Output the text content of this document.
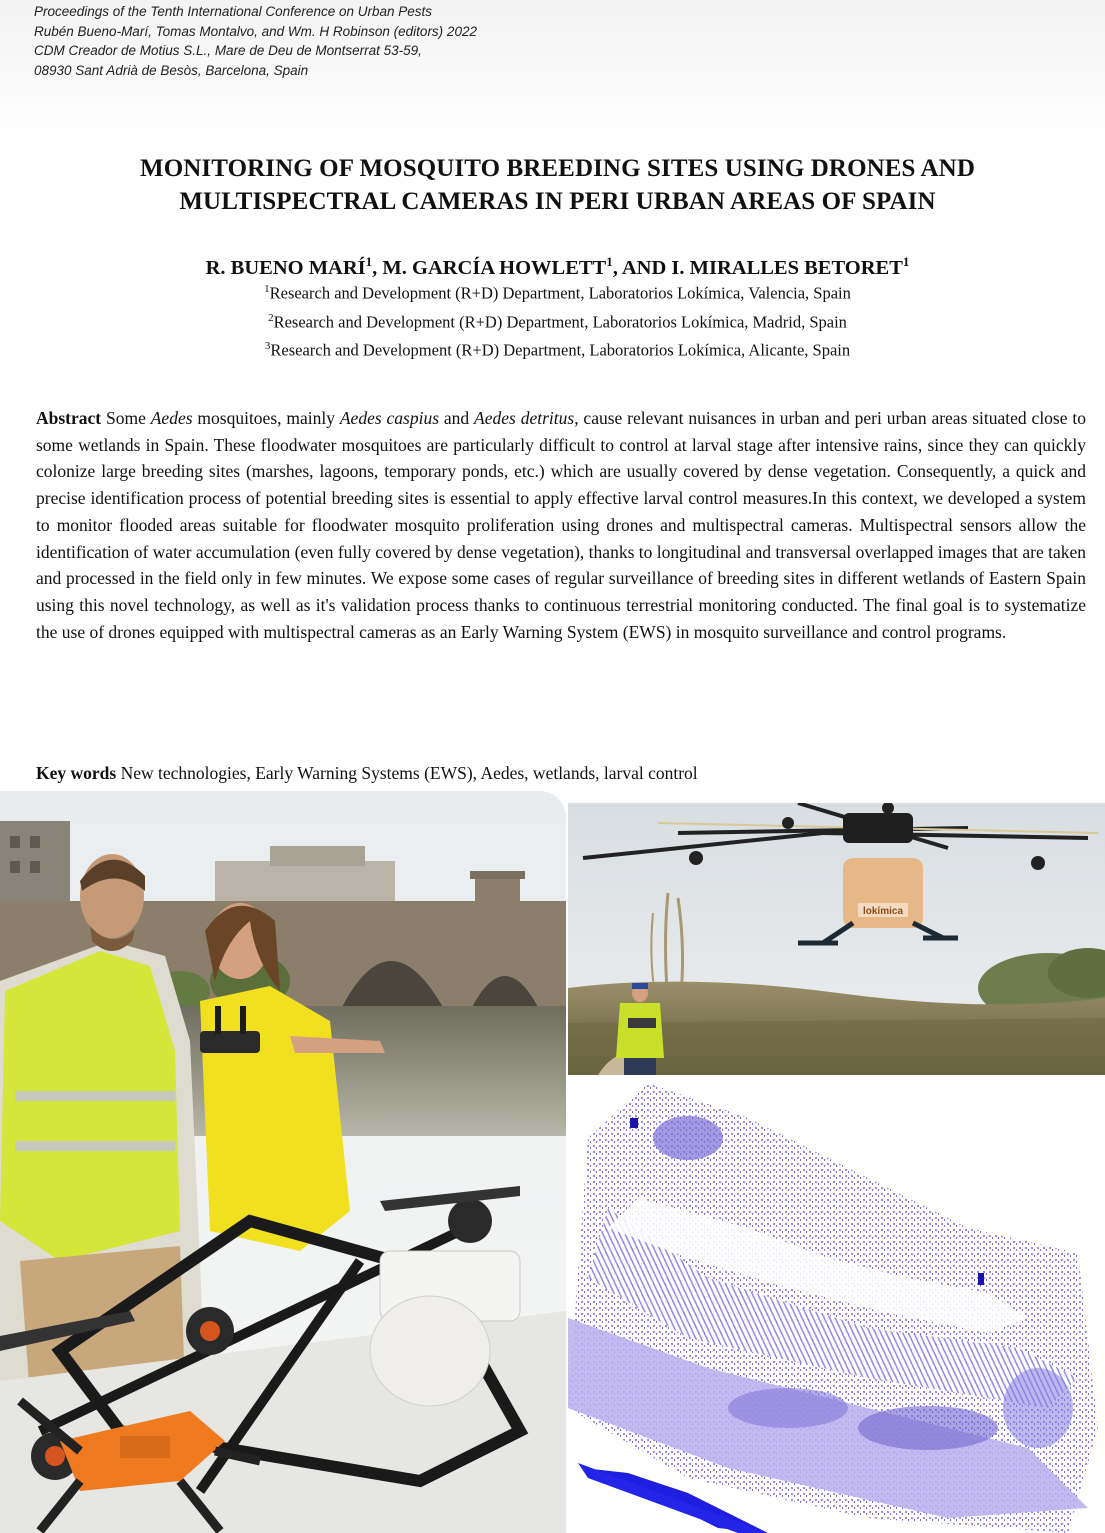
Proceedings of the Tenth International Conference on Urban Pests
Rubén Bueno-Marí, Tomas Montalvo, and Wm. H Robinson (editors) 2022
CDM Creador de Motius S.L., Mare de Deu de Montserrat 53-59,
08930 Sant Adrià de Besòs, Barcelona, Spain
MONITORING OF MOSQUITO BREEDING SITES USING DRONES AND
MULTISPECTRAL CAMERAS IN PERI URBAN AREAS OF SPAIN
R. BUENO MARÍ$^1$, M. GARCÍA HOWLETT$^1$, AND I. MIRALLES BETORET$^1$
$^1$Research and Development (R+D) Department, Laboratorios Lokímica, Valencia, Spain
$^2$Research and Development (R+D) Department, Laboratorios Lokímica, Madrid, Spain
$^3$Research and Development (R+D) Department, Laboratorios Lokímica, Alicante, Spain
Abstract Some Aedes mosquitoes, mainly Aedes caspius and Aedes detritus, cause relevant nuisances in urban and peri urban areas situated close to some wetlands in Spain. These floodwater mosquitoes are particularly difficult to control at larval stage after intensive rains, since they can quickly colonize large breeding sites (marshes, lagoons, temporary ponds, etc.) which are usually covered by dense vegetation. Consequently, a quick and precise identification process of potential breeding sites is essential to apply effective larval control measures.In this context, we developed a system to monitor flooded areas suitable for floodwater mosquito proliferation using drones and multispectral cameras. Multispectral sensors allow the identification of water accumulation (even fully covered by dense vegetation), thanks to longitudinal and transversal overlapped images that are taken and processed in the field only in few minutes. We expose some cases of regular surveillance of breeding sites in different wetlands of Eastern Spain using this novel technology, as well as it's validation process thanks to continuous terrestrial monitoring conducted. The final goal is to systematize the use of drones equipped with multispectral cameras as an Early Warning System (EWS) in mosquito surveillance and control programs.
Key words New technologies, Early Warning Systems (EWS), Aedes, wetlands, larval control
lokímica
